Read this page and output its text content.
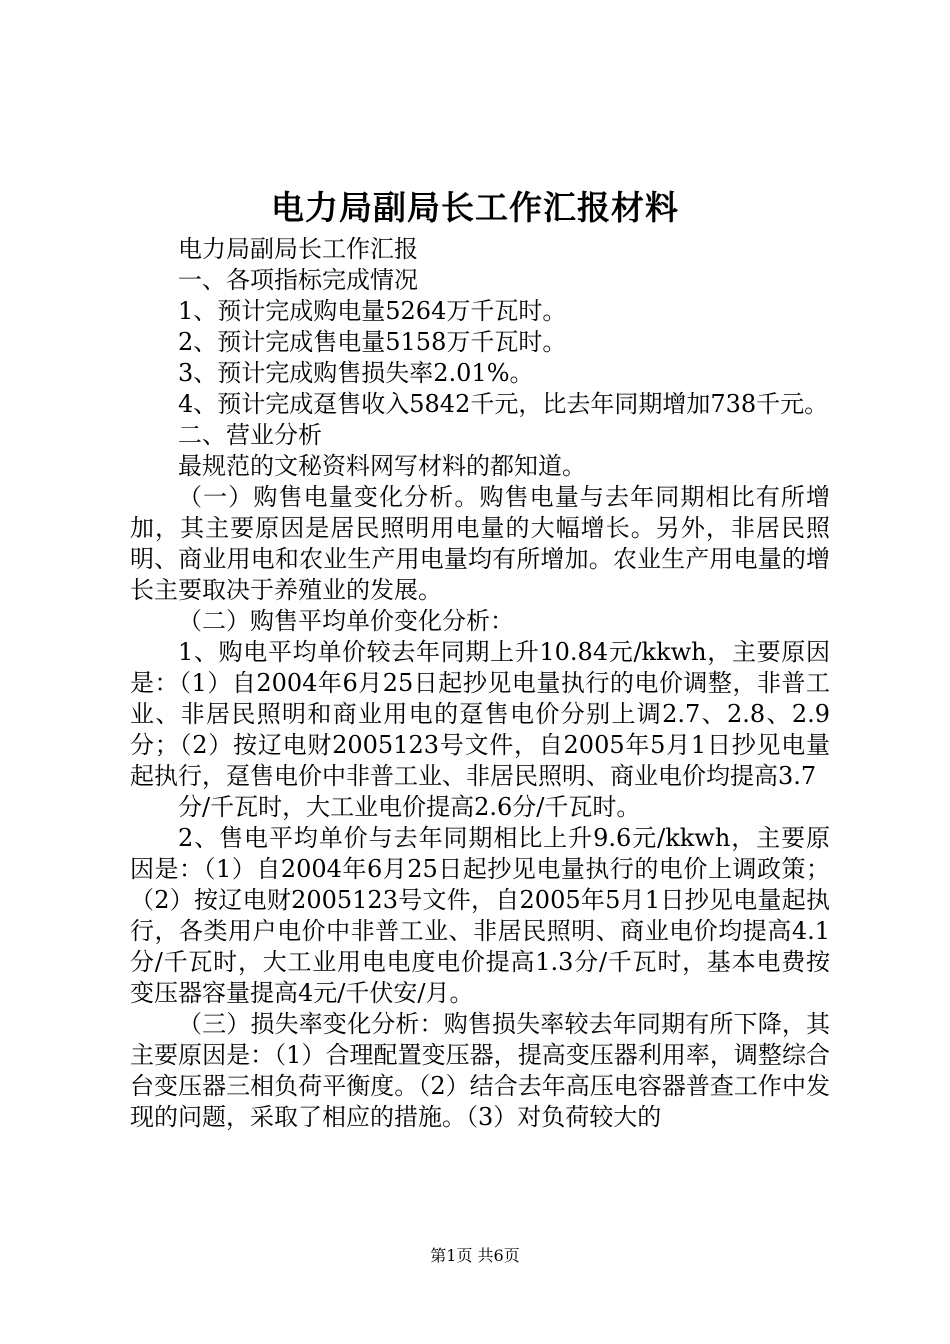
电力局副局长工作汇报材料

电力局副局长工作汇报

一、各项指标完成情况

1、预计完成购电量5264万千瓦时。

2、预计完成售电量5158万千瓦时。

3、预计完成购售损失率2.01%。

4、预计完成趸售收入5842千元，比去年同期增加738千元。

二、营业分析

最规范的文秘资料网写材料的都知道。

（一）购售电量变化分析。购售电量与去年同期相比有所增加，其主要原因是居民照明用电量的大幅增长。另外，非居民照明、商业用电和农业生产用电量均有所增加。农业生产用电量的增长主要取决于养殖业的发展。

（二）购售平均单价变化分析：

1、购电平均单价较去年同期上升10.84元/kkwh，主要原因是：（1）自2004年6月25日起抄见电量执行的电价调整，非普工业、非居民照明和商业用电的趸售电价分别上调2.7、2.8、2.9分；（2）按辽电财2005123号文件，自2005年5月1日抄见电量起执行，趸售电价中非普工业、非居民照明、商业电价均提高3.7

分/千瓦时，大工业电价提高2.6分/千瓦时。

2、售电平均单价与去年同期相比上升9.6元/kkwh，主要原因是：（1）自2004年6月25日起抄见电量执行的电价上调政策；（2）按辽电财2005123号文件，自2005年5月1日抄见电量起执行，各类用户电价中非普工业、非居民照明、商业电价均提高4.1分/千瓦时，大工业用电电度电价提高1.3分/千瓦时，基本电费按变压器容量提高4元/千伏安/月。

（三）损失率变化分析：购售损失率较去年同期有所下降，其主要原因是：（1）合理配置变压器，提高变压器利用率，调整综合台变压器三相负荷平衡度。（2）结合去年高压电容器普查工作中发现的问题，采取了相应的措施。（3）对负荷较大的

第1页 共6页
